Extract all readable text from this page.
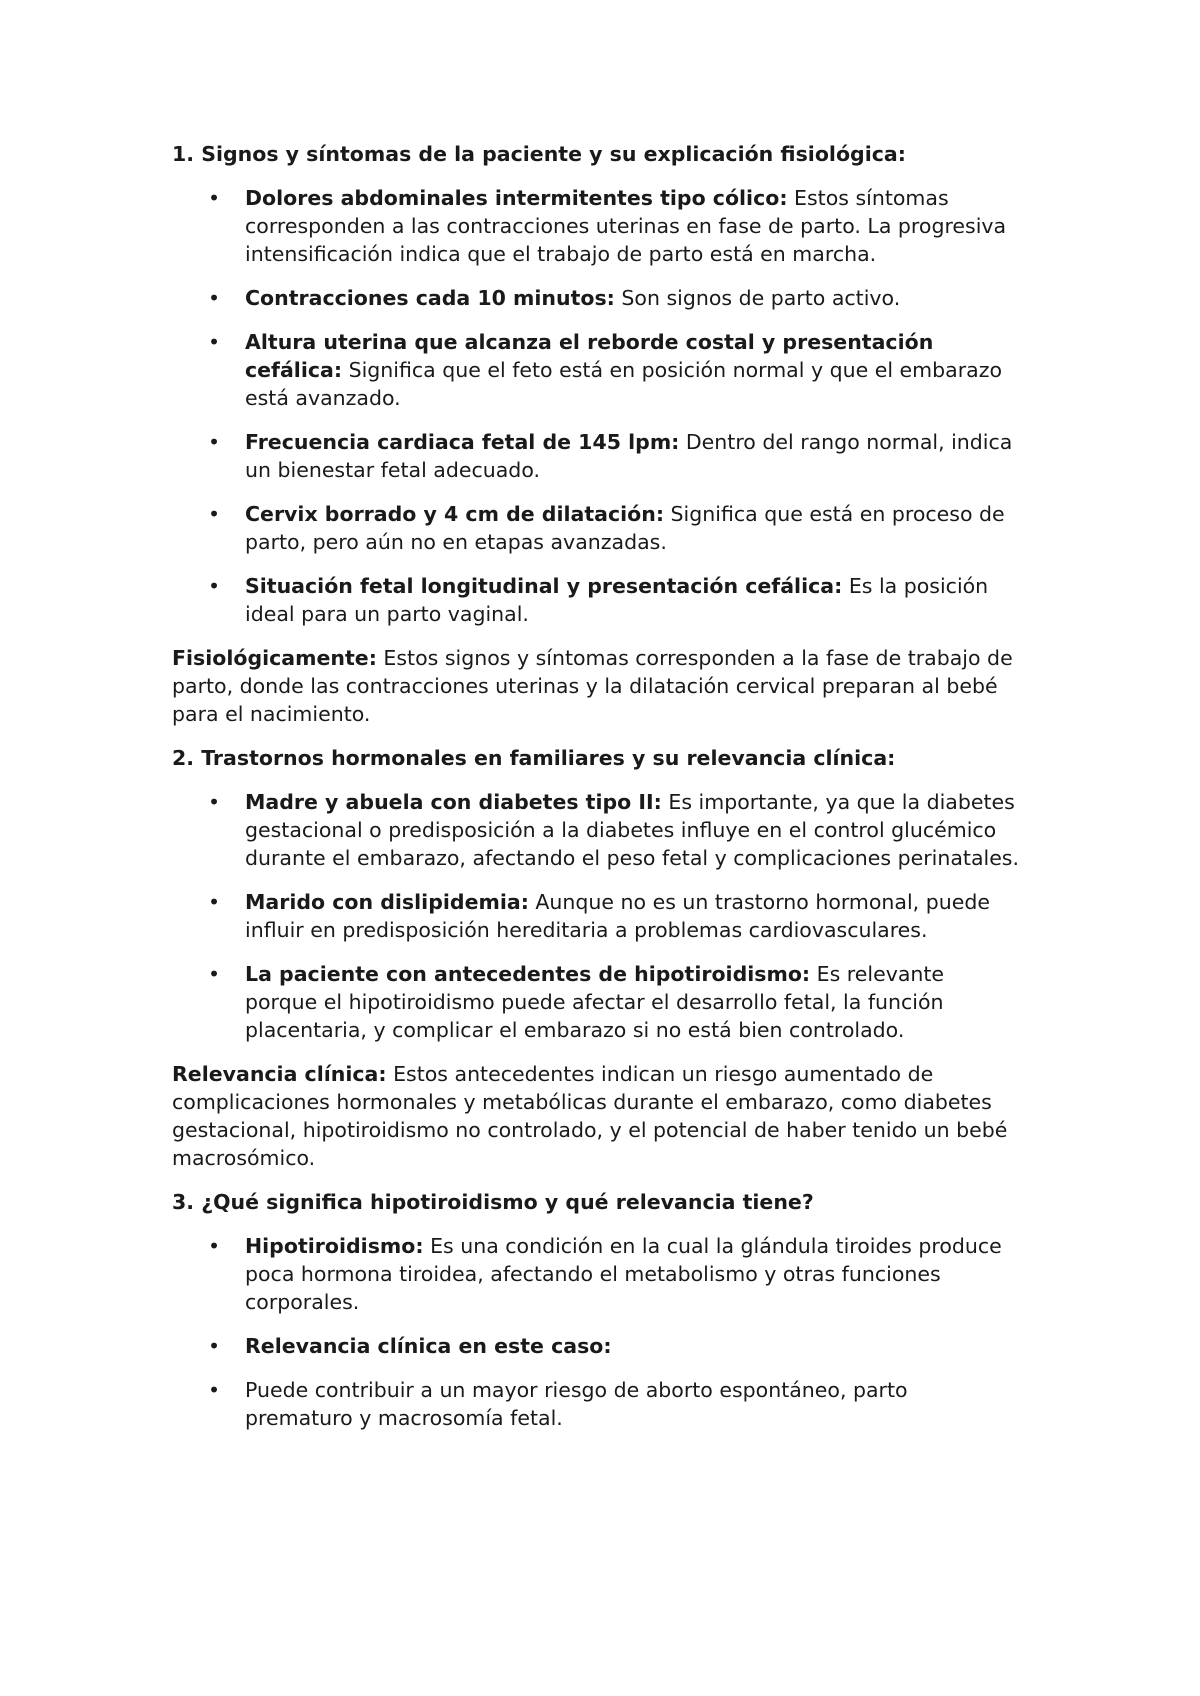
1. Signos y síntomas de la paciente y su explicación fisiológica:

• Dolores abdominales intermitentes tipo cólico: Estos síntomas corresponden a las contracciones uterinas en fase de parto. La progresiva intensificación indica que el trabajo de parto está en marcha.
• Contracciones cada 10 minutos: Son signos de parto activo.
• Altura uterina que alcanza el reborde costal y presentación cefálica: Significa que el feto está en posición normal y que el embarazo está avanzado.
• Frecuencia cardiaca fetal de 145 lpm: Dentro del rango normal, indica un bienestar fetal adecuado.
• Cervix borrado y 4 cm de dilatación: Significa que está en proceso de parto, pero aún no en etapas avanzadas.
• Situación fetal longitudinal y presentación cefálica: Es la posición ideal para un parto vaginal.

Fisiológicamente: Estos signos y síntomas corresponden a la fase de trabajo de parto, donde las contracciones uterinas y la dilatación cervical preparan al bebé para el nacimiento.

2. Trastornos hormonales en familiares y su relevancia clínica:

• Madre y abuela con diabetes tipo II: Es importante, ya que la diabetes gestacional o predisposición a la diabetes influye en el control glucémico durante el embarazo, afectando el peso fetal y complicaciones perinatales.
• Marido con dislipidemia: Aunque no es un trastorno hormonal, puede influir en predisposición hereditaria a problemas cardiovasculares.
• La paciente con antecedentes de hipotiroidismo: Es relevante porque el hipotiroidismo puede afectar el desarrollo fetal, la función placentaria, y complicar el embarazo si no está bien controlado.

Relevancia clínica: Estos antecedentes indican un riesgo aumentado de complicaciones hormonales y metabólicas durante el embarazo, como diabetes gestacional, hipotiroidismo no controlado, y el potencial de haber tenido un bebé macrosómico.

3. ¿Qué significa hipotiroidismo y qué relevancia tiene?

• Hipotiroidismo: Es una condición en la cual la glándula tiroides produce poca hormona tiroidea, afectando el metabolismo y otras funciones corporales.
• Relevancia clínica en este caso:
• Puede contribuir a un mayor riesgo de aborto espontáneo, parto prematuro y macrosomía fetal.
